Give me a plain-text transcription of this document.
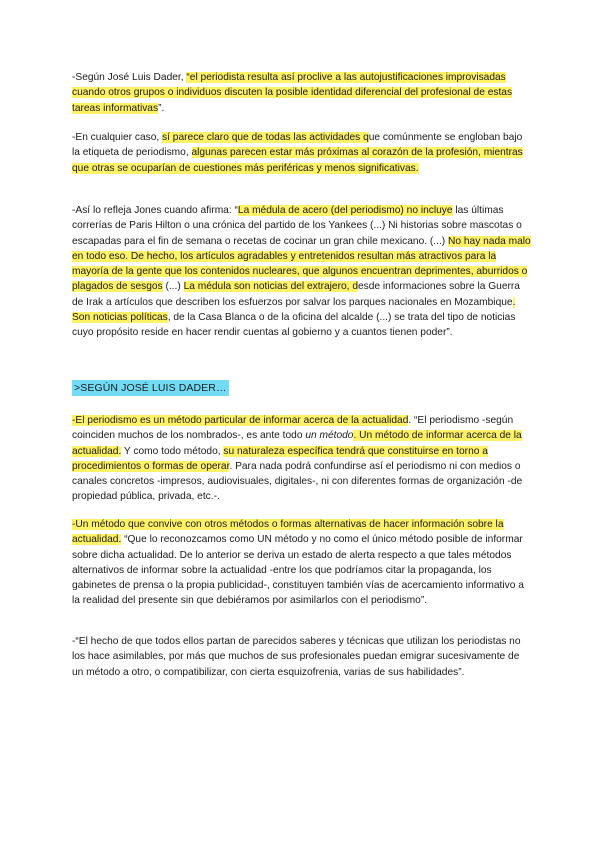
-Según José Luis Dader, “el periodista resulta así proclive a las autojustificaciones improvisadas cuando otros grupos o individuos discuten la posible identidad diferencial del profesional de estas tareas informativas”.

-En cualquier caso, sí parece claro que de todas las actividades que comúnmente se engloban bajo la etiqueta de periodismo, algunas parecen estar más próximas al corazón de la profesión, mientras que otras se ocuparían de cuestiones más periféricas y menos significativas.

-Así lo refleja Jones cuando afirma: “La médula de acero (del periodismo) no incluye las últimas correrías de Paris Hilton o una crónica del partido de los Yankees (...) Ni historias sobre mascotas o escapadas para el fin de semana o recetas de cocinar un gran chile mexicano. (...) No hay nada malo en todo eso. De hecho, los artículos agradables y entretenidos resultan más atractivos para la mayoría de la gente que los contenidos nucleares, que algunos encuentran deprimentes, aburridos o plagados de sesgos (...) La médula son noticias del extrajero, desde informaciones sobre la Guerra de Irak a artículos que describen los esfuerzos por salvar los parques nacionales en Mozambique. Son noticias políticas, de la Casa Blanca o de la oficina del alcalde (...) se trata del tipo de noticias cuyo propósito reside en hacer rendir cuentas al gobierno y a cuantos tienen poder”.

>SEGÚN JOSÉ LUIS DADER…

-El periodismo es un método particular de informar acerca de la actualidad. “El periodismo -según coinciden muchos de los nombrados-, es ante todo un método. Un método de informar acerca de la actualidad. Y como todo método, su naturaleza específica tendrá que constituirse en torno a procedimientos o formas de operar. Para nada podrá confundirse así el periodismo ni con medios o canales concretos -impresos, audiovisuales, digitales-, ni con diferentes formas de organización -de propiedad pública, privada, etc.-.

-Un método que convive con otros métodos o formas alternativas de hacer información sobre la actualidad. “Que lo reconozcamos como UN método y no como el único método posible de informar sobre dicha actualidad. De lo anterior se deriva un estado de alerta respecto a que tales métodos alternativos de informar sobre la actualidad -entre los que podríamos citar la propaganda, los gabinetes de prensa o la propia publicidad-, constituyen también vías de acercamiento informativo a la realidad del presente sin que debiéramos por asimilarlos con el periodismo”.

-“El hecho de que todos ellos partan de parecidos saberes y técnicas que utilizan los periodistas no los hace asimilables, por más que muchos de sus profesionales puedan emigrar sucesivamente de un método a otro, o compatibilizar, con cierta esquizofrenia, varias de sus habilidades”.
